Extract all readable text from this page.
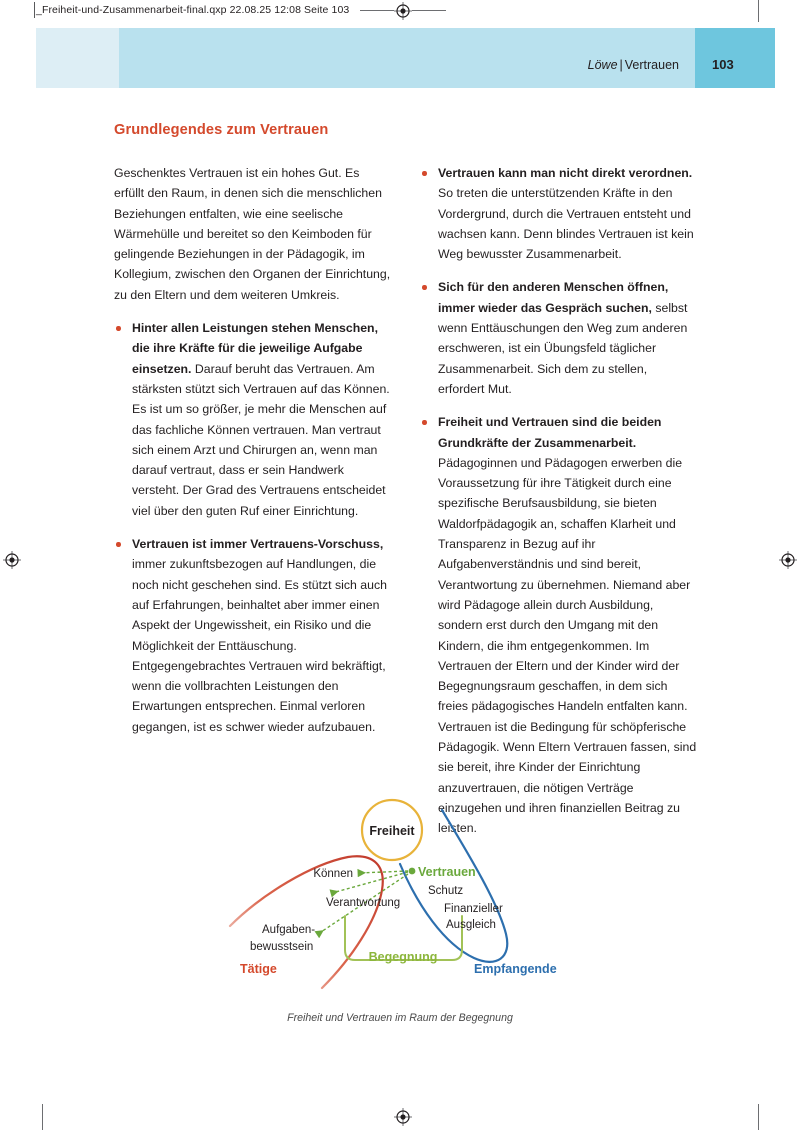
_Freiheit-und-Zusammenarbeit-final.qxp 22.08.25 12:08 Seite 103
Löwe | Vertrauen	103
Grundlegendes zum Vertrauen

Geschenktes Vertrauen ist ein hohes Gut. Es erfüllt den Raum, in denen sich die menschlichen Beziehungen entfalten, wie eine seelische Wärmehülle und bereitet so den Keimboden für gelingende Beziehungen in der Pädagogik, im Kollegium, zwischen den Organen der Einrichtung, zu den Eltern und dem weiteren Umkreis.

Hinter allen Leistungen stehen Menschen, die ihre Kräfte für die jeweilige Aufgabe einsetzen. Darauf beruht das Vertrauen. Am stärksten stützt sich Vertrauen auf das Können. Es ist um so größer, je mehr die Menschen auf das fachliche Können vertrauen. Man vertraut sich einem Arzt und Chirurgen an, wenn man darauf vertraut, dass er sein Handwerk versteht. Der Grad des Vertrauens entscheidet viel über den guten Ruf einer Einrichtung.
Vertrauen ist immer Vertrauens-Vorschuss, immer zukunftsbezogen auf Handlungen, die noch nicht geschehen sind. Es stützt sich auch auf Erfahrungen, beinhaltet aber immer einen Aspekt der Ungewissheit, ein Risiko und die Möglichkeit der Enttäuschung. Entgegengebrachtes Vertrauen wird bekräftigt, wenn die vollbrachten Leistungen den Erwartungen entsprechen. Einmal verloren gegangen, ist es schwer wieder aufzubauen.
Vertrauen kann man nicht direkt verordnen. So treten die unterstützenden Kräfte in den Vordergrund, durch die Vertrauen entsteht und wachsen kann. Denn blindes Vertrauen ist kein Weg bewusster Zusammenarbeit.
Sich für den anderen Menschen öffnen, immer wieder das Gespräch suchen, selbst wenn Enttäuschungen den Weg zum anderen erschweren, ist ein Übungsfeld täglicher Zusammenarbeit. Sich dem zu stellen, erfordert Mut.
Freiheit und Vertrauen sind die beiden Grundkräfte der Zusammenarbeit. Pädagoginnen und Pädagogen erwerben die Voraussetzung für ihre Tätigkeit durch eine spezifische Berufsausbildung, sie bieten Waldorfpädagogik an, schaffen Klarheit und Transparenz in Bezug auf ihr Aufgabenverständnis und sind bereit, Verantwortung zu übernehmen. Niemand aber wird Pädagoge allein durch Ausbildung, sondern erst durch den Umgang mit den Kindern, die ihm entgegenkommen. Im Vertrauen der Eltern und der Kinder wird der Begegnungsraum geschaffen, in dem sich freies pädagogisches Handeln entfalten kann. Vertrauen ist die Bedingung für schöpferische Pädagogik. Wenn Eltern Vertrauen fassen, sind sie bereit, ihre Kinder der Einrichtung anzuvertrauen, die nötigen Verträge einzugehen und ihren finanziellen Beitrag zu leisten.
Freiheit
Vertrauen
Können
Verantwortung
Aufgaben-
bewusstsein
Schutz
Finanzieller
Ausgleich
Begegnung
Tätige	Empfangende
Freiheit und Vertrauen im Raum der Begegnung
